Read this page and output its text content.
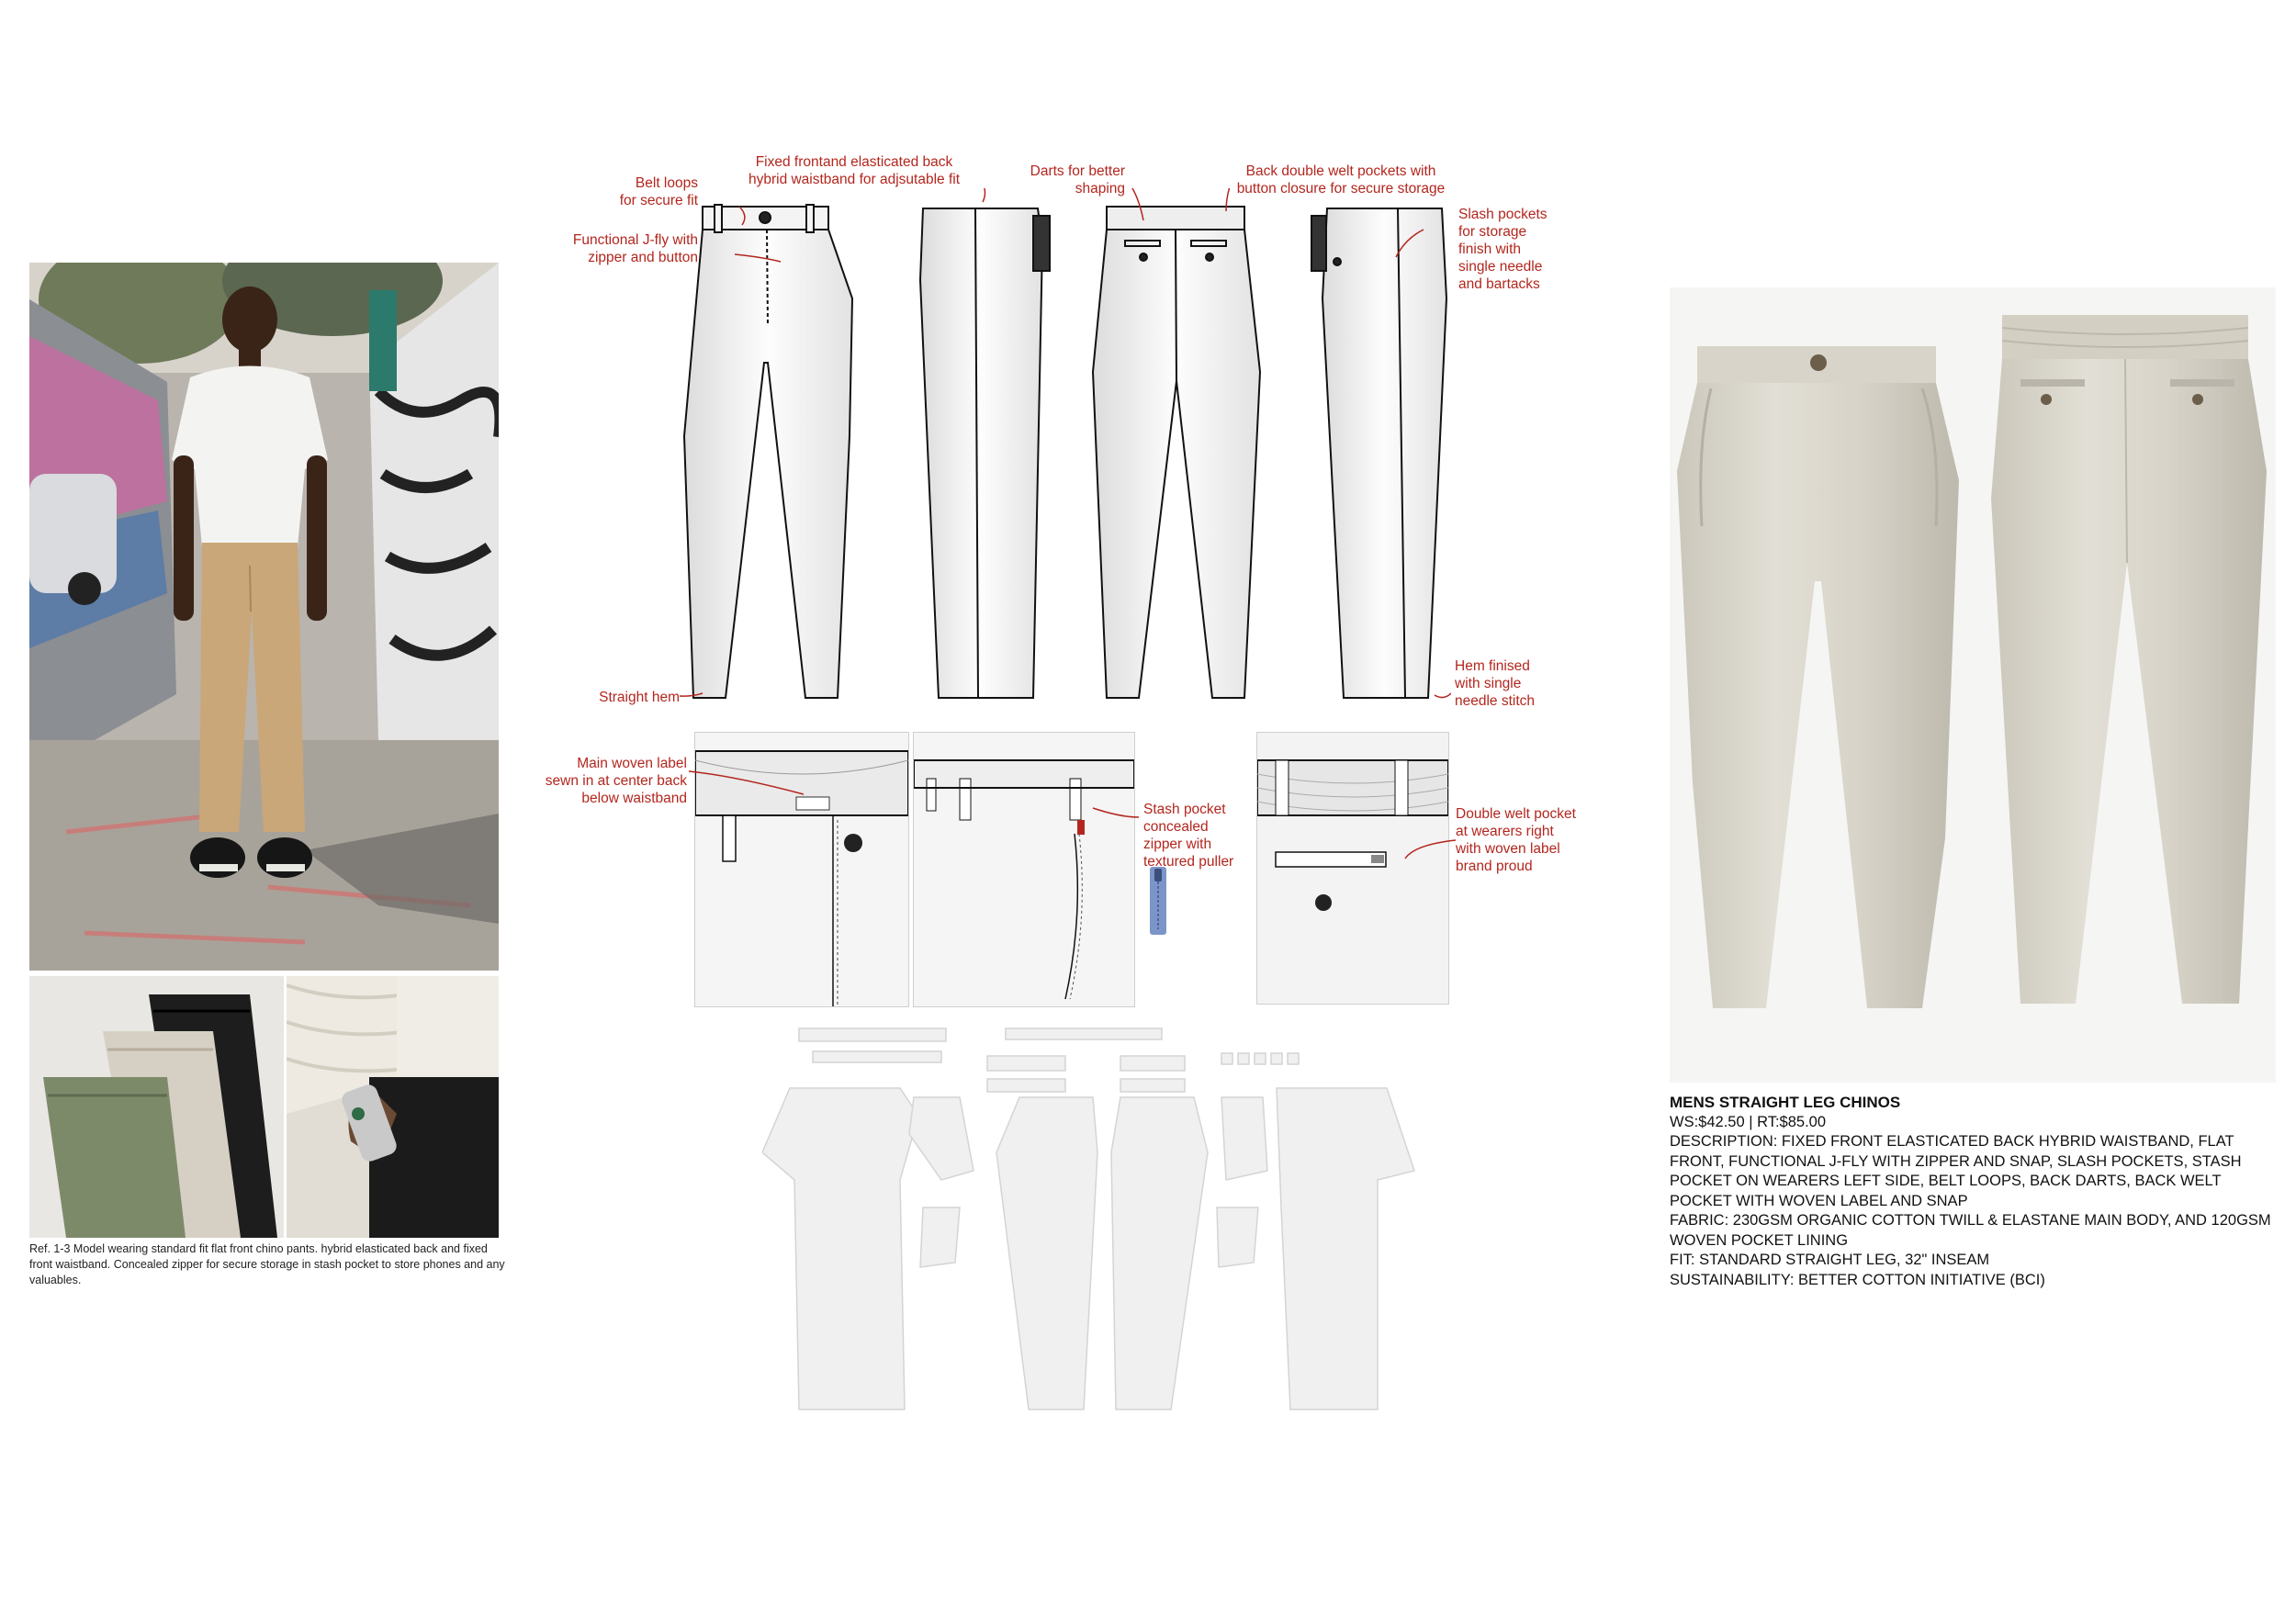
Ref. 1-3 Model wearing standard fit flat front chino pants. hybrid elasticated back and fixed front waistband. Concealed zipper for secure storage in stash pocket to store phones and any valuables.
Belt loops
for secure fit
Functional J-fly with
zipper and button
Fixed frontand elasticated back
hybrid waistband for adjsutable fit
Darts for better
shaping
Back double welt pockets with
button closure for secure storage
Slash pockets
for storage
finish with
single needle
and bartacks
Straight hem
Hem finised
with single
needle stitch
Main woven label
sewn in at center back
below waistband
Stash pocket
concealed
zipper with
textured puller
Double welt pocket
at wearers right
with woven label
brand proud
MENS STRAIGHT LEG CHINOS
WS:$42.50 | RT:$85.00
DESCRIPTION: FIXED FRONT ELASTICATED BACK HYBRID WAISTBAND, FLAT FRONT, FUNCTIONAL J-FLY WITH ZIPPER AND SNAP, SLASH POCKETS, STASH POCKET ON WEARERS LEFT SIDE, BELT LOOPS, BACK DARTS, BACK WELT POCKET WITH WOVEN LABEL AND SNAP
FABRIC: 230GSM ORGANIC COTTON TWILL & ELASTANE MAIN BODY, AND 120GSM WOVEN POCKET LINING
FIT: STANDARD STRAIGHT LEG, 32" INSEAM
SUSTAINABILITY: BETTER COTTON INITIATIVE (BCI)
